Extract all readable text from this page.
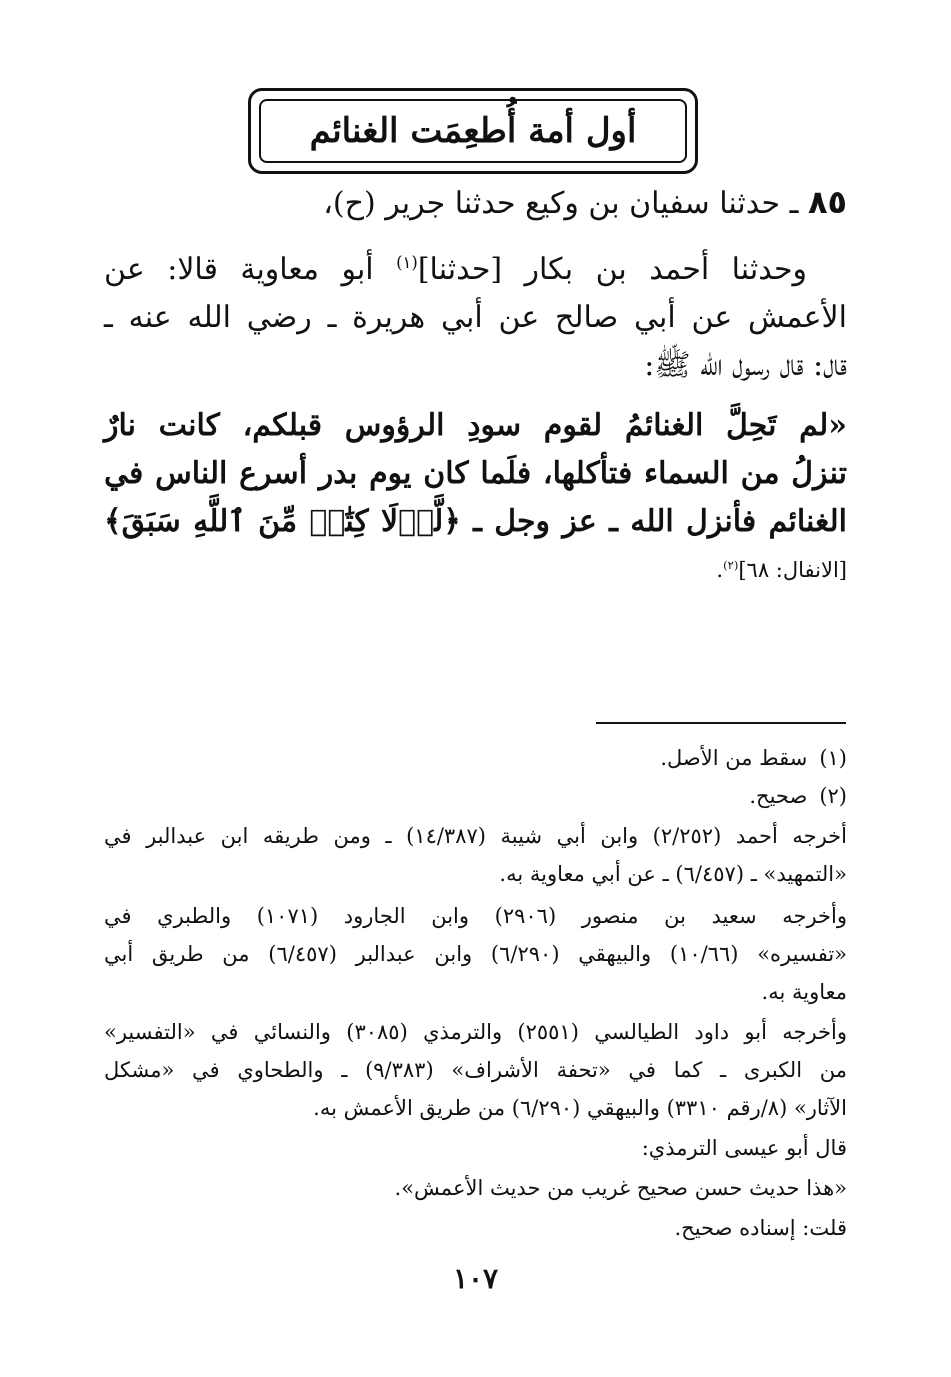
أول أمة أُطعِمَت الغنائم
٨٥ ـ حدثنا سفيان بن وكيع حدثنا جرير (ح)،
وحدثنا أحمد بن بكار [حدثنا]$^{(١)}$ أبو معاوية قالا: عن
الأعمش عن أبي صالح عن أبي هريرة ـ رضي الله عنه ـ
قال: قال رسول الله ﷺ:
«لم تَحِلَّ الغنائمُ لقوم سودِ الرؤوس قبلكم، كانت نارٌ
تنزلُ من السماء فتأكلها، فلَما كان يوم بدر أسرع الناس في
الغنائم فأنزل الله ـ عز وجل ـ ﴿لَّوۡلَا كِتَٰبٞ مِّنَ ٱللَّهِ سَبَقَ﴾
[الانفال: ٦٨]$^{(٢)}$.
(١)سقط من الأصل.
(٢)صحيح.
أخرجه أحمد (٢/٢٥٢) وابن أبي شيبة (١٤/٣٨٧) ـ ومن طريقه ابن عبدالبر في
«التمهيد» ـ (٦/٤٥٧) ـ عن أبي معاوية به.
وأخرجه سعيد بن منصور (٢٩٠٦) وابن الجارود (١٠٧١) والطبري في
«تفسيره» (١٠/٦٦) والبيهقي (٦/٢٩٠) وابن عبدالبر (٦/٤٥٧) من طريق أبي
معاوية به.
وأخرجه أبو داود الطيالسي (٢٥٥١) والترمذي (٣٠٨٥) والنسائي في «التفسير»
من الكبرى ـ كما في «تحفة الأشراف» (٩/٣٨٣) ـ والطحاوي في «مشكل
الآثار» (٨/رقم ٣٣١٠) والبيهقي (٦/٢٩٠) من طريق الأعمش به.
قال أبو عيسى الترمذي:
«هذا حديث حسن صحيح غريب من حديث الأعمش».
قلت: إسناده صحيح.
١٠٧
